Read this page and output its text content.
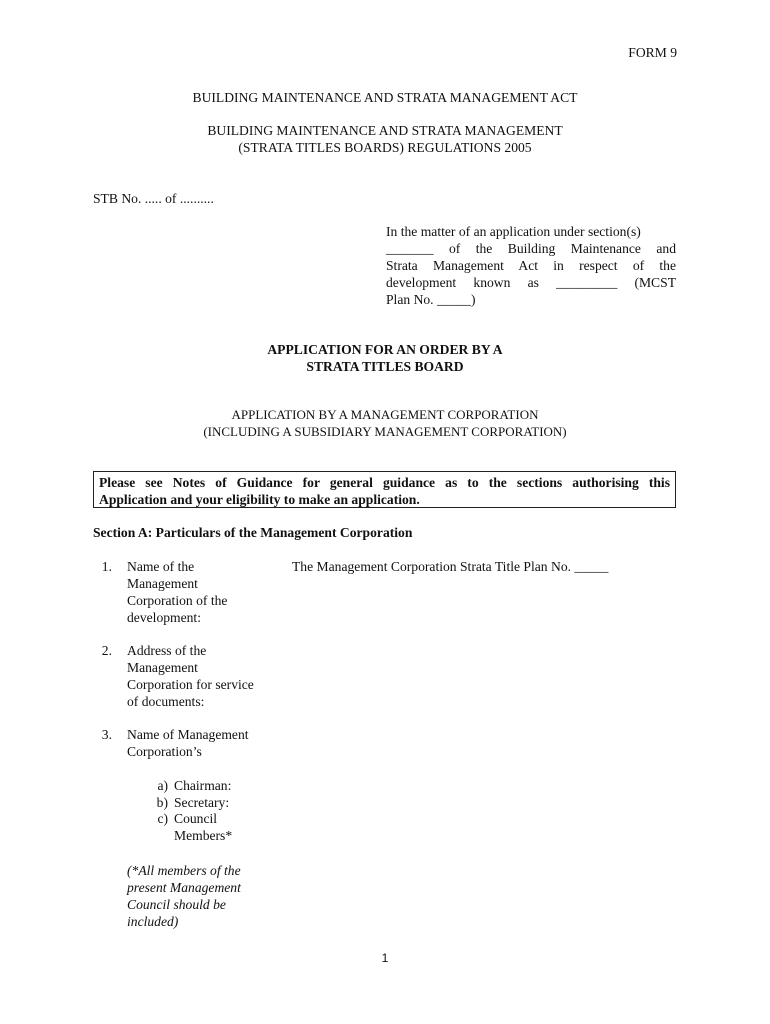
FORM 9
BUILDING MAINTENANCE AND STRATA MANAGEMENT ACT
BUILDING MAINTENANCE AND STRATA MANAGEMENT
(STRATA TITLES BOARDS) REGULATIONS 2005
STB No. ..... of ..........
In the matter of an application under section(s)
_______ of the Building Maintenance and
Strata Management Act in respect of the
development known as _________ (MCST
Plan No. _____)
APPLICATION FOR AN ORDER BY A
STRATA TITLES BOARD
APPLICATION BY A MANAGEMENT CORPORATION
(INCLUDING A SUBSIDIARY MANAGEMENT CORPORATION)
Please see Notes of Guidance for general guidance as to the sections authorising this
Application and your eligibility to make an application.
Section A: Particulars of the Management Corporation
1. Name of the
Management
Corporation of the
development:
The Management Corporation Strata Title Plan No. _____
2. Address of the
Management
Corporation for service
of documents:
3. Name of Management
Corporation’s
a) Chairman:
b) Secretary:
c) Council
Members*
(*All members of the
present Management
Council should be
included)
1
